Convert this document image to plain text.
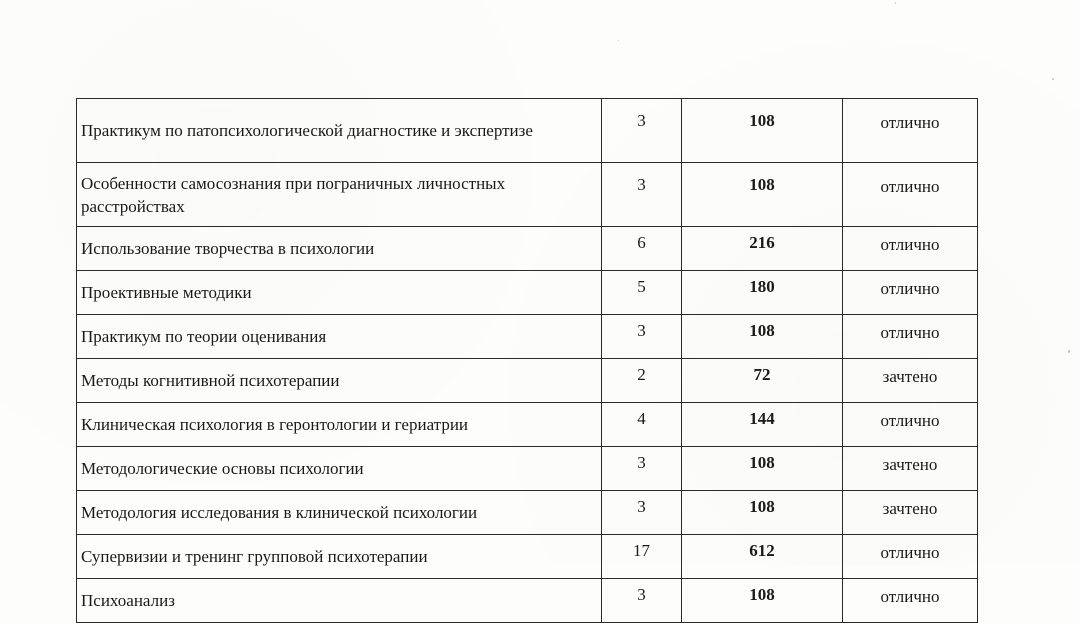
Практикум по патопсихологической диагностике и экспертизе	3	108	отлично
Особенности самосознания при пограничных личностных расстройствах	3	108	отлично
Использование творчества в психологии	6	216	отлично
Проективные методики	5	180	отлично
Практикум по теории оценивания	3	108	отлично
Методы когнитивной психотерапии	2	72	зачтено
Клиническая психология в геронтологии и гериатрии	4	144	отлично
Методологические основы психологии	3	108	зачтено
Методология исследования в клинической психологии	3	108	зачтено
Супервизии и тренинг групповой психотерапии	17	612	отлично
Психоанализ	3	108	отлично
